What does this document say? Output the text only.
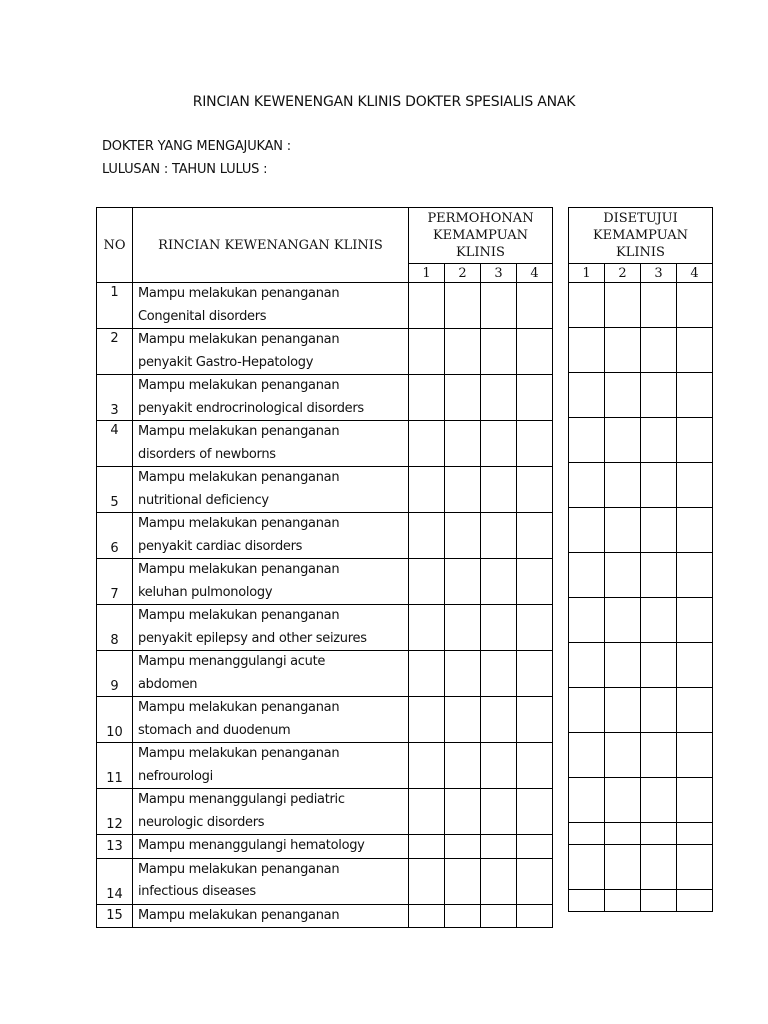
RINCIAN KEWENENGAN KLINIS DOKTER SPESIALIS ANAK
DOKTER YANG MENGAJUKAN :
LULUSAN : TAHUN LULUS :
NO	RINCIAN KEWENANGAN KLINIS	PERMOHONAN
KEMAMPUAN
KLINIS			

		1	2	3	4
1	Mampu melakukan penanganan
Congenital disorders				

2	Mampu melakukan penanganan
penyakit Gastro-Hepatology				

3	Mampu melakukan penanganan
penyakit endrocrinological disorders				

4	Mampu melakukan penanganan
disorders of newborns				

5	Mampu melakukan penanganan
nutritional deficiency				

6	Mampu melakukan penanganan
penyakit cardiac disorders				

7	Mampu melakukan penanganan
keluhan pulmonology				

8	Mampu melakukan penanganan
penyakit epilepsy and other seizures				

9	Mampu menanggulangi acute
abdomen				

10	Mampu melakukan penanganan
stomach and duodenum				

11	Mampu melakukan penanganan
nefrourologi				

12	Mampu menanggulangi pediatric
neurologic disorders				

13	Mampu menanggulangi hematology				

14	Mampu melakukan penanganan
infectious diseases				

15	Mampu melakukan penanganan				

DISETUJUI
KEMAMPUAN
KLINIS			

1	2	3	4
